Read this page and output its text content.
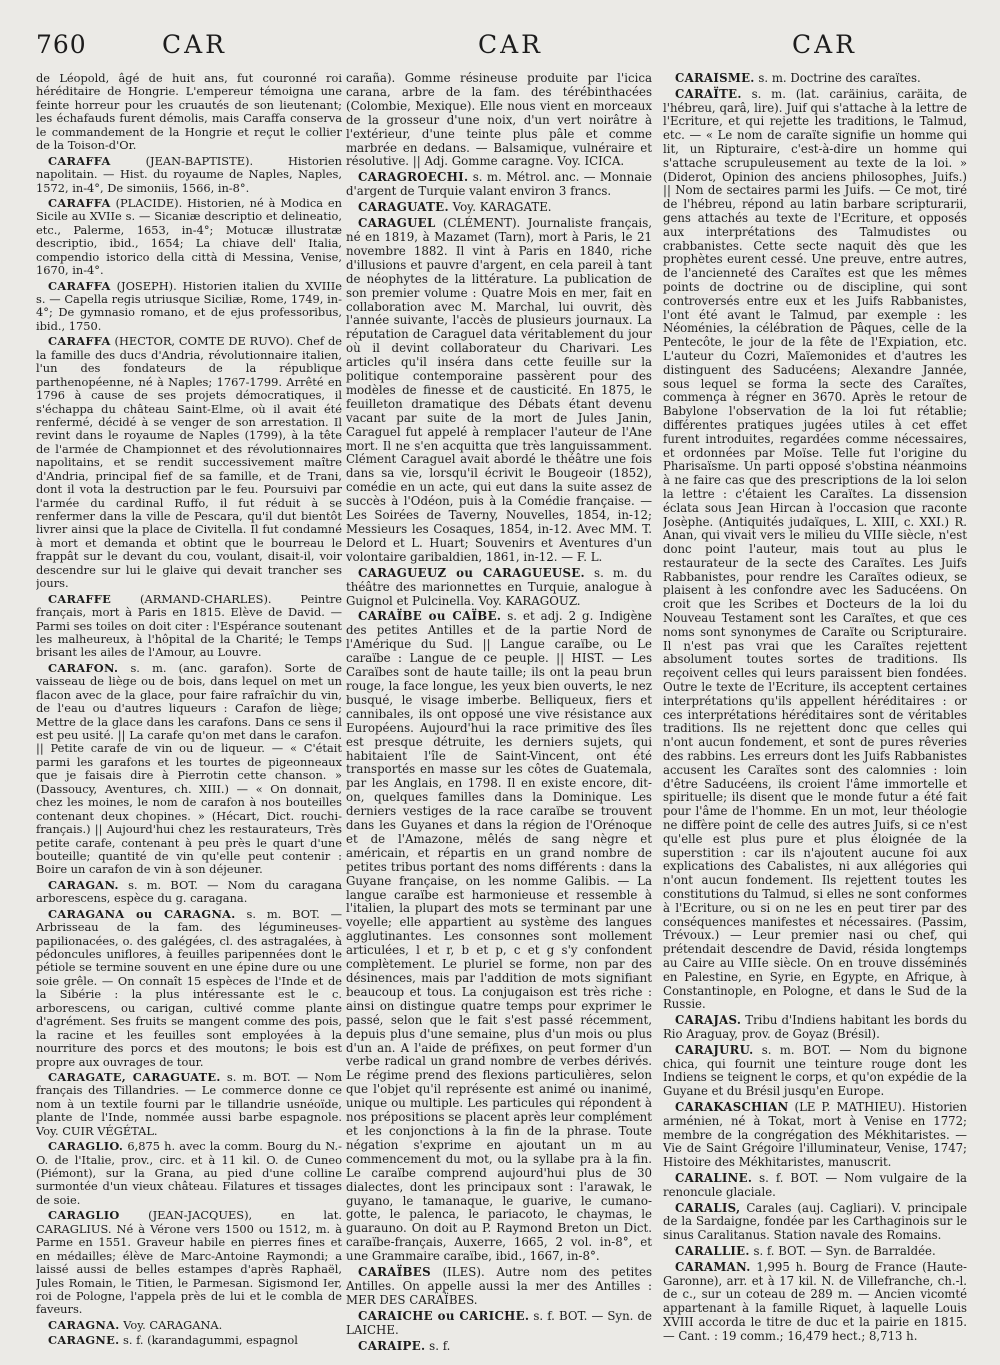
760	CAR	CAR	CAR

de Léopold, âgé de huit ans, fut couronné roi héréditaire de Hongrie. L'empereur témoigna une feinte horreur pour les cruautés de son lieutenant; les échafauds furent démolis, mais Caraffa conserva le commandement de la Hongrie et reçut le collier de la Toison-d'Or.

CARAFFA	(JEAN-BAPTISTE). Historien napolitain. — Hist. du royaume de Naples, Naples, 1572, in-4°, De simoniis, 1566, in-8°.

CARAFFA (PLACIDE). Historien, né à Modica en Sicile au XVIIe s. — Sicaniæ descriptio et delineatio, etc., Palerme, 1653, in-4°; Motucæ illustratæ descriptio, ibid., 1654; La chiave dell' Italia, compendio istorico della città di Messina, Venise, 1670, in-4°.

CARAFFA (JOSEPH). Historien italien du XVIIIe s. — Capella regis utriusque Siciliæ, Rome, 1749, in-4°; De gymnasio romano, et de ejus professoribus, ibid., 1750.

CARAFFA (HECTOR, COMTE DE RUVO). Chef de la famille des ducs d'Andria, révolutionnaire italien, l'un des fondateurs de la république parthenopéenne, né à Naples; 1767-1799. Arrêté en 1796 à cause de ses projets démocratiques, il s'échappa du château Saint-Elme, où il avait été renfermé, décidé à se venger de son arrestation. Il revint dans le royaume de Naples (1799), à la tête de l'armée de Championnet et des révolutionnaires napolitains, et se rendit successivement maître d'Andria, principal fief de sa famille, et de Trani, dont il vota la destruction par le feu. Poursuivi par l'armée du cardinal Ruffo, il fut réduit à se renfermer dans la ville de Pescara, qu'il dut bientôt livrer ainsi que la place de Civitella. Il fut condamné à mort et demanda et obtint que le bourreau le frappât sur le devant du cou, voulant, disait-il, voir descendre sur lui le glaive qui devait trancher ses jours.

CARAFFE	(ARMAND-CHARLES). Peintre français, mort à Paris en 1815. Elève de David. — Parmi ses toiles on doit citer : l'Espérance soutenant les malheureux, à l'hôpital de la Charité; le Temps brisant les ailes de l'Amour, au Louvre.

CARAFON. s. m. (anc. garafon). Sorte de vaisseau de liège ou de bois, dans lequel on met un flacon avec de la glace, pour faire rafraîchir du vin, de l'eau ou d'autres liqueurs : Carafon de liège; Mettre de la glace dans les carafons. Dans ce sens il est peu usité. || La carafe qu'on met dans le carafon. || Petite carafe de vin ou de liqueur. — « C'était parmi les garafons et les tourtes de pigeonneaux que je faisais dire à Pierrotin cette chanson. » (Dassoucy, Aventures, ch. XIII.) — « On donnait, chez les moines, le nom de carafon à nos bouteilles contenant deux chopines. » (Hécart, Dict. rouchi-français.) || Aujourd'hui chez les restaurateurs, Très petite carafe, contenant à peu près le quart d'une bouteille; quantité de vin qu'elle peut contenir : Boire un carafon de vin à son déjeuner.

CARAGAN. s. m. BOT. — Nom du caragana arborescens, espèce du g. caragana.

CARAGANA ou CARAGNA. s. m. BOT. — Arbrisseau de la fam. des légumineuses-papilionacées, o. des galégées, cl. des astragalées, à pédoncules uniflores, à feuilles paripennées dont le pétiole se termine souvent en une épine dure ou une soie grêle. — On connaît 15 espèces de l'Inde et de la Sibérie : la plus intéressante est le c. arborescens, ou carigan, cultivé comme plante d'agrément. Ses fruits se mangent comme des pois, la racine et les feuilles sont employées à la nourriture des porcs et des moutons; le bois est propre aux ouvrages de tour.

CARAGATE, CARAGUATE. s. m. BOT. — Nom français des Tillandries. — Le commerce donne ce nom à un textile fourni par le tillandrie usnéoïde, plante de l'Inde, nommée aussi barbe espagnole. Voy. CUIR VÉGÉTAL.

CARAGLIO. 6,875 h. avec la comm. Bourg du N.-O. de l'Italie, prov., circ. et à 11 kil. O. de Cuneo (Piémont), sur la Grana, au pied d'une colline surmontée d'un vieux château. Filatures et tissages de soie.

CARAGLIO	(JEAN-JACQUES), en lat. CARAGLIUS. Né à Vérone vers 1500 ou 1512, m. à Parme en 1551. Graveur habile en pierres fines et en médailles; élève de Marc-Antoine Raymondi; a laissé aussi de belles estampes d'après Raphaël, Jules Romain, le Titien, le Parmesan. Sigismond Ier, roi de Pologne, l'appela près de lui et le combla de faveurs.

CARAGNA. Voy. CARAGANA.

CARAGNE. s. f. (karandagummi, espagnol

caraña). Gomme résineuse produite par l'icica carana, arbre de la fam. des térébinthacées (Colombie, Mexique). Elle nous vient en morceaux de la grosseur d'une noix, d'un vert noirâtre à l'extérieur, d'une teinte plus pâle et comme marbrée en dedans. — Balsamique, vulnéraire et résolutive. || Adj. Gomme caragne. Voy. ICICA.

CARAGROECHI. s. m. Métrol. anc. — Monnaie d'argent de Turquie valant environ 3 francs.

CARAGUATE. Voy. KARAGATE.

CARAGUEL (CLÉMENT). Journaliste français, né en 1819, à Mazamet (Tarn), mort à Paris, le 21 novembre 1882. Il vint à Paris en 1840, riche d'illusions et pauvre d'argent, en cela pareil à tant de néophytes de la littérature. La publication de son premier volume : Quatre Mois en mer, fait en collaboration avec M. Marchal, lui ouvrit, dès l'année suivante, l'accès de plusieurs journaux. La réputation de Caraguel data véritablement du jour où il devint collaborateur du Charivari. Les articles qu'il inséra dans cette feuille sur la politique contemporaine passèrent pour des modèles de finesse et de causticité. En 1875, le feuilleton dramatique des Débats étant devenu vacant par suite de la mort de Jules Janin, Caraguel fut appelé à remplacer l'auteur de l'Ane mort. Il ne s'en acquitta que très languissamment. Clément Caraguel avait abordé le théâtre une fois dans sa vie, lorsqu'il écrivit le Bougeoir (1852), comédie en un acte, qui eut dans la suite assez de succès à l'Odéon, puis à la Comédie française. — Les Soirées de Taverny, Nouvelles, 1854, in-12; Messieurs les Cosaques, 1854, in-12. Avec MM. T. Delord et L. Huart; Souvenirs et Aventures d'un volontaire garibaldien, 1861, in-12. — F. L.

CARAGUEUZ ou CARAGUEUSE. s. m. du théâtre des marionnettes en Turquie, analogue à Guignol et Pulcinella. Voy. KARAGOUZ.

CARAÏBE ou CAÏBE. s. et adj. 2 g. Indigène des petites Antilles et de la partie Nord de l'Amérique du Sud. || Langue caraïbe, ou Le caraïbe : Langue de ce peuple. || HIST. — Les Caraïbes sont de haute taille; ils ont la peau brun rouge, la face longue, les yeux bien ouverts, le nez busqué, le visage imberbe. Belliqueux, fiers et cannibales, ils ont opposé une vive résistance aux Européens. Aujourd'hui la race primitive des îles est presque détruite, les derniers sujets, qui habitaient l'île de Saint-Vincent, ont été transportés en masse sur les côtes de Guatemala, par les Anglais, en 1798. Il en existe encore, dit-on, quelques familles dans la Dominique. Les derniers vestiges de la race caraïbe se trouvent dans les Guyanes et dans la région de l'Orénoque et de l'Amazone, mêlés de sang nègre et américain, et répartis en un grand nombre de petites tribus portant des noms différents : dans la Guyane française, on les nomme Galibis. — La langue caraïbe est harmonieuse et ressemble à l'italien, la plupart des mots se terminant par une voyelle; elle appartient au système des langues agglutinantes. Les consonnes sont mollement articulées, l et r, b et p, c et g s'y confondent complètement. Le pluriel se forme, non par des désinences, mais par l'addition de mots signifiant beaucoup et tous. La conjugaison est très riche : ainsi on distingue quatre temps pour exprimer le passé, selon que le fait s'est passé récemment, depuis plus d'une semaine, plus d'un mois ou plus d'un an. A l'aide de préfixes, on peut former d'un verbe radical un grand nombre de verbes dérivés. Le régime prend des flexions particulières, selon que l'objet qu'il représente est animé ou inanimé, unique ou multiple. Les particules qui répondent à nos prépositions se placent après leur complément et les conjonctions à la fin de la phrase. Toute négation s'exprime en ajoutant un m au commencement du mot, ou la syllabe pra à la fin. Le caraïbe comprend aujourd'hui plus de 30 dialectes, dont les principaux sont : l'arawak, le guyano, le tamanaque, le guarive, le cumano-gotte, le palenca, le pariacoto, le chaymas, le guarauno. On doit au P. Raymond Breton un Dict. caraïbe-français, Auxerre, 1665, 2 vol. in-8°, et une Grammaire caraïbe, ibid., 1667, in-8°.

CARAÏBES (ILES). Autre nom des petites Antilles. On appelle aussi la mer des Antilles : MER DES CARAÏBES.

CARAICHE ou CARICHE. s. f. BOT. — Syn. de LAICHE.

CARAIPE. s. f.

CARAÏSME. s. m. Doctrine des caraïtes.

CARAÏTE. s. m. (lat. caräinius, caräita, de l'hébreu, qarâ, lire). Juif qui s'attache à la lettre de l'Ecriture, et qui rejette les traditions, le Talmud, etc. — « Le nom de caraïte signifie un homme qui lit, un Ripturaire, c'est-à-dire un homme qui s'attache scrupuleusement au texte de la loi. » (Diderot, Opinion des anciens philosophes, Juifs.) || Nom de sectaires parmi les Juifs. — Ce mot, tiré de l'hébreu, répond au latin barbare scripturarii, gens attachés au texte de l'Ecriture, et opposés aux interprétations des Talmudistes ou crabbanistes. Cette secte naquit dès que les prophètes eurent cessé. Une preuve, entre autres, de l'ancienneté des Caraïtes est que les mêmes points de doctrine ou de discipline, qui sont controversés entre eux et les Juifs Rabbanistes, l'ont été avant le Talmud, par exemple : les Néoménies, la célébration de Pâques, celle de la Pentecôte, le jour de la fête de l'Expiation, etc. L'auteur du Cozri, Maïemonides et d'autres les distinguent des Saducéens; Alexandre Jannée, sous lequel se forma la secte des Caraïtes, commença à régner en 3670. Après le retour de Babylone l'observation de la loi fut rétablie; différentes pratiques jugées utiles à cet effet furent introduites, regardées comme nécessaires, et ordonnées par Moïse. Telle fut l'origine du Pharisaïsme. Un parti opposé s'obstina néanmoins à ne faire cas que des prescriptions de la loi selon la lettre : c'étaient les Caraïtes. La dissension éclata sous Jean Hircan à l'occasion que raconte Josèphe. (Antiquités judaïques, L. XIII, c. XXI.) R. Anan, qui vivait vers le milieu du VIIIe siècle, n'est donc point l'auteur, mais tout au plus le restaurateur de la secte des Caraïtes. Les Juifs Rabbanistes, pour rendre les Caraïtes odieux, se plaisent à les confondre avec les Saducéens. On croit que les Scribes et Docteurs de la loi du Nouveau Testament sont les Caraïtes, et que ces noms sont synonymes de Caraïte ou Scripturaire. Il n'est pas vrai que les Caraïtes rejettent absolument toutes sortes de traditions. Ils reçoivent celles qui leurs paraissent bien fondées. Outre le texte de l'Ecriture, ils acceptent certaines interprétations qu'ils appellent héréditaires : or ces interprétations héréditaires sont de véritables traditions. Ils ne rejettent donc que celles qui n'ont aucun fondement, et sont de pures rêveries des rabbins. Les erreurs dont les Juifs Rabbanistes accusent les Caraïtes sont des calomnies : loin d'être Saducéens, ils croient l'âme immortelle et spirituelle; ils disent que le monde futur a été fait pour l'âme de l'homme. En un mot, leur théologie ne diffère point de celle des autres Juifs, si ce n'est qu'elle est plus pure et plus éloignée de la superstition : car ils n'ajoutent aucune foi aux explications des Cabalistes, ni aux allégories qui n'ont aucun fondement. Ils rejettent toutes les constitutions du Talmud, si elles ne sont conformes à l'Ecriture, ou si on ne les en peut tirer par des conséquences manifestes et nécessaires. (Passim, Trévoux.) — Leur premier nasi ou chef, qui prétendait descendre de David, résida longtemps au Caire au VIIIe siècle. On en trouve disséminés en Palestine, en Syrie, en Egypte, en Afrique, à Constantinople, en Pologne, et dans le Sud de la Russie.

CARAJAS. Tribu d'Indiens habitant les bords du Rio Araguay, prov. de Goyaz (Brésil).

CARAJURU. s. m. BOT. — Nom du bignone chica, qui fournit une teinture rouge dont les Indiens se teignent le corps, et qu'on expédie de la Guyane et du Brésil jusqu'en Europe.

CARAKASCHIAN (LE P. MATHIEU). Historien arménien, né à Tokat, mort à Venise en 1772; membre de la congrégation des Mékhitaristes. — Vie de Saint Grégoire l'illuminateur, Venise, 1747; Histoire des Mékhitaristes, manuscrit.

CARALINE. s. f. BOT. — Nom vulgaire de la renoncule glaciale.

CARALIS, Carales (auj. Cagliari). V. principale de la Sardaigne, fondée par les Carthaginois sur le sinus Caralitanus. Station navale des Romains.

CARALLIE. s. f. BOT. — Syn. de Barraldée.

CARAMAN. 1,995 h. Bourg de France (Haute-Garonne), arr. et à 17 kil. N. de Villefranche, ch.-l. de c., sur un coteau de 289 m. — Ancien vicomté appartenant à la famille Riquet, à laquelle Louis XVIII accorda le titre de duc et la pairie en 1815. — Cant. : 19 comm.; 16,479 hect.; 8,713 h.
